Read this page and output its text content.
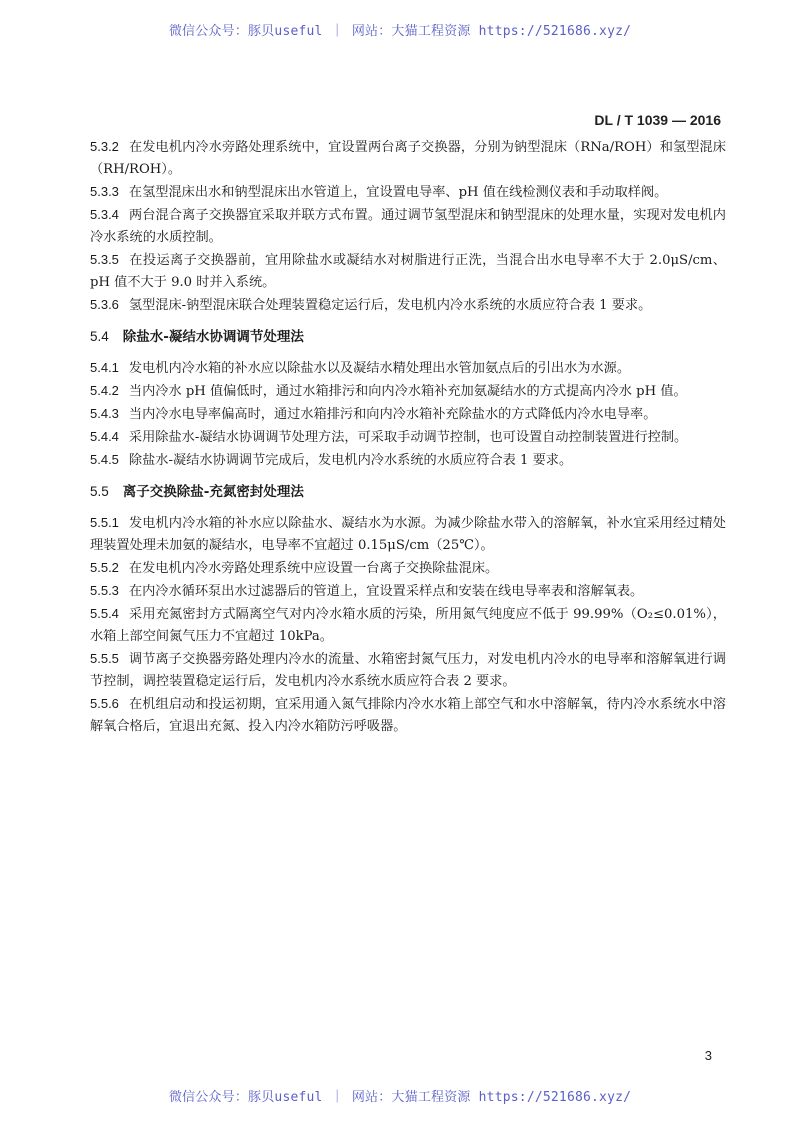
微信公众号：豚贝useful ｜ 网站：大猫工程资源 https://521686.xyz/
DL / T 1039 — 2016

5.3.2 在发电机内冷水旁路处理系统中，宜设置两台离子交换器，分别为钠型混床（RNa/ROH）和氢型混床（RH/ROH）。

5.3.3 在氢型混床出水和钠型混床出水管道上，宜设置电导率、pH 值在线检测仪表和手动取样阀。

5.3.4 两台混合离子交换器宜采取并联方式布置。通过调节氢型混床和钠型混床的处理水量，实现对发电机内冷水系统的水质控制。

5.3.5 在投运离子交换器前，宜用除盐水或凝结水对树脂进行正洗，当混合出水电导率不大于 2.0μS/cm、pH 值不大于 9.0 时并入系统。

5.3.6 氢型混床-钠型混床联合处理装置稳定运行后，发电机内冷水系统的水质应符合表 1 要求。

5.4 除盐水-凝结水协调调节处理法

5.4.1 发电机内冷水箱的补水应以除盐水以及凝结水精处理出水管加氨点后的引出水为水源。

5.4.2 当内冷水 pH 值偏低时，通过水箱排污和向内冷水箱补充加氨凝结水的方式提高内冷水 pH 值。

5.4.3 当内冷水电导率偏高时，通过水箱排污和向内冷水箱补充除盐水的方式降低内冷水电导率。

5.4.4 采用除盐水-凝结水协调调节处理方法，可采取手动调节控制，也可设置自动控制装置进行控制。

5.4.5 除盐水-凝结水协调调节完成后，发电机内冷水系统的水质应符合表 1 要求。

5.5 离子交换除盐-充氮密封处理法

5.5.1 发电机内冷水箱的补水应以除盐水、凝结水为水源。为减少除盐水带入的溶解氧，补水宜采用经过精处理装置处理未加氨的凝结水，电导率不宜超过 0.15μS/cm（25℃）。

5.5.2 在发电机内冷水旁路处理系统中应设置一台离子交换除盐混床。

5.5.3 在内冷水循环泵出水过滤器后的管道上，宜设置采样点和安装在线电导率表和溶解氧表。

5.5.4 采用充氮密封方式隔离空气对内冷水箱水质的污染，所用氮气纯度应不低于 99.99%（O₂≤0.01%），水箱上部空间氮气压力不宜超过 10kPa。

5.5.5 调节离子交换器旁路处理内冷水的流量、水箱密封氮气压力，对发电机内冷水的电导率和溶解氧进行调节控制，调控装置稳定运行后，发电机内冷水系统水质应符合表 2 要求。

5.5.6 在机组启动和投运初期，宜采用通入氮气排除内冷水水箱上部空气和水中溶解氧，待内冷水系统水中溶解氧合格后，宜退出充氮、投入内冷水箱防污呼吸器。

3
微信公众号：豚贝useful ｜ 网站：大猫工程资源 https://521686.xyz/
